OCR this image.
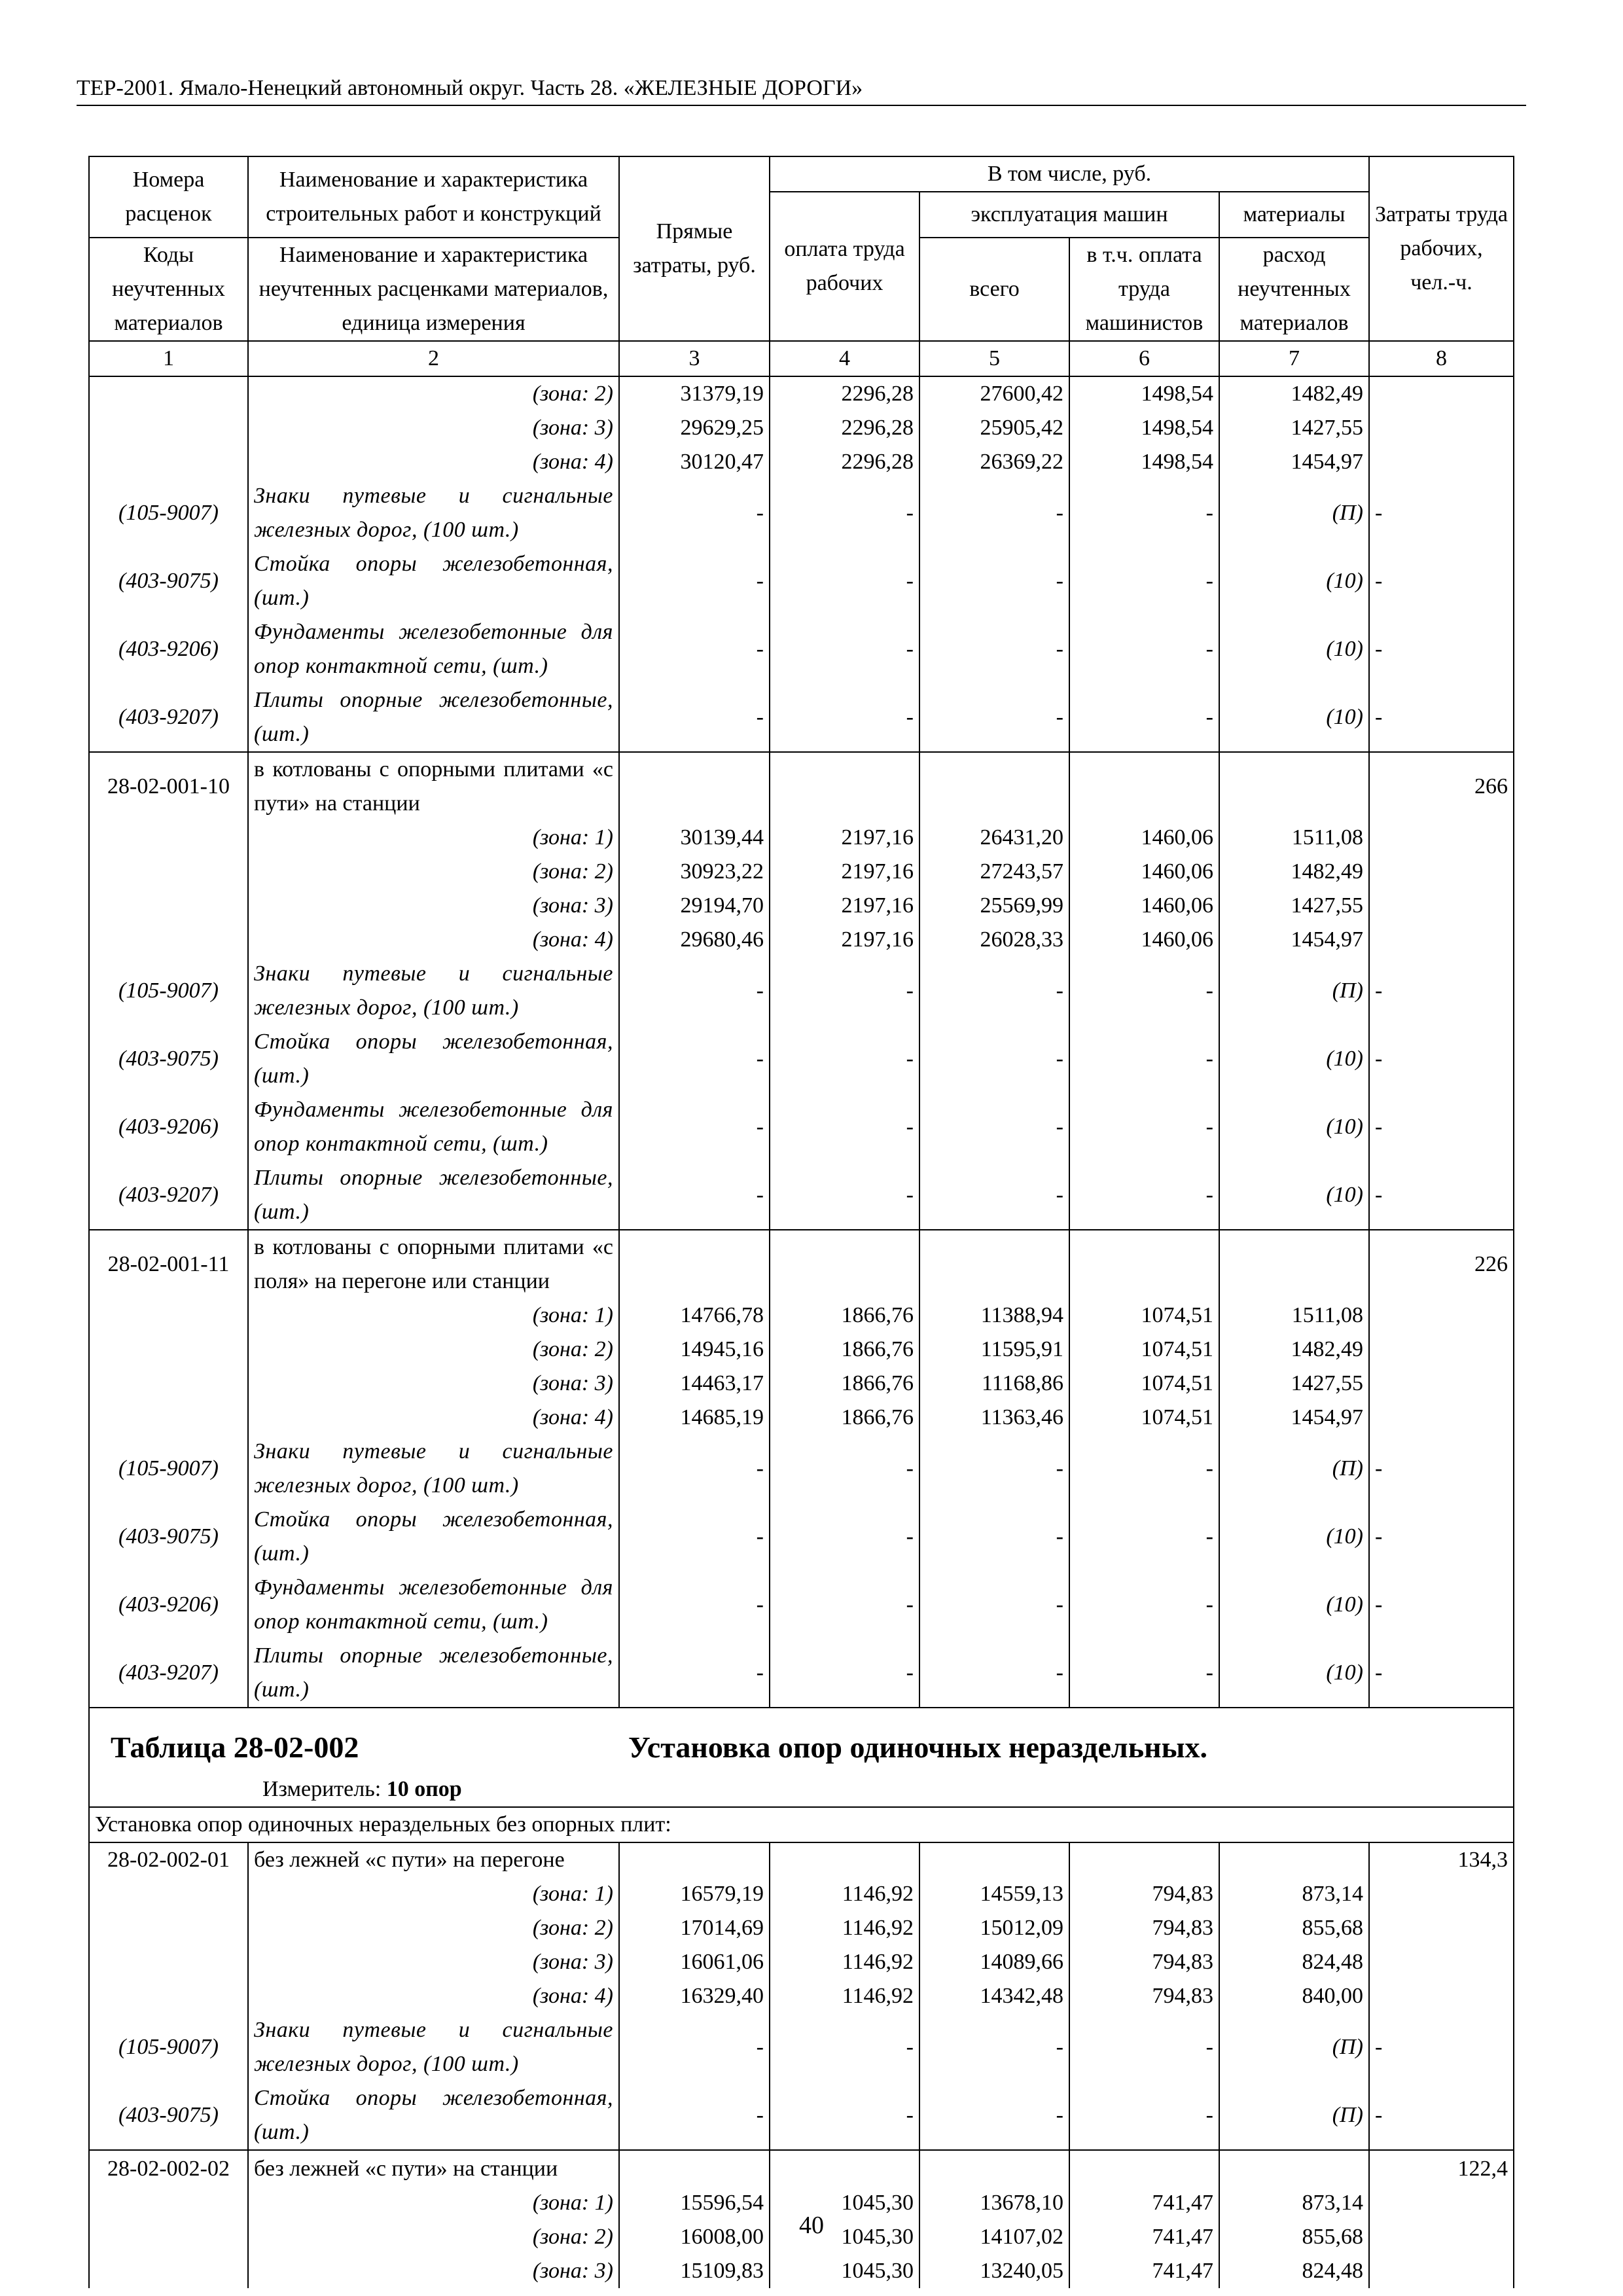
ТЕР-2001. Ямало-Ненецкий автономный округ. Часть 28. «ЖЕЛЕЗНЫЕ ДОРОГИ»
Номера расценок	Наименование и характеристика строительных работ и конструкций	Прямые затраты, руб.	В том числе, руб.				Затраты труда рабочих, чел.-ч.
			оплата труда рабочих	эксплуатация машин		материалы	
Коды неучтенных материалов	Наименование и характеристика неучтенных расценками материалов, единица измерения			всего	в т.ч. оплата труда машинистов	расход неучтенных материалов	
1	2	3	4	5	6	7	8
	(зона: 2)	31379,19	2296,28	27600,42	1498,54	1482,49	
	(зона: 3)	29629,25	2296,28	25905,42	1498,54	1427,55	
	(зона: 4)	30120,47	2296,28	26369,22	1498,54	1454,97	
(105-9007)	Знаки путевые и сигнальные железных дорог, (100 шт.)	-	-	-	-	(П)	-
(403-9075)	Стойка опоры железобетонная, (шт.)	-	-	-	-	(10)	-
(403-9206)	Фундаменты железобетонные для опор контактной сети, (шт.)	-	-	-	-	(10)	-
(403-9207)	Плиты опорные железобетонные, (шт.)	-	-	-	-	(10)	-
28-02-001-10	в котлованы с опорными плитами «с пути» на станции						266
	(зона: 1)	30139,44	2197,16	26431,20	1460,06	1511,08	
	(зона: 2)	30923,22	2197,16	27243,57	1460,06	1482,49	
	(зона: 3)	29194,70	2197,16	25569,99	1460,06	1427,55	
	(зона: 4)	29680,46	2197,16	26028,33	1460,06	1454,97	
(105-9007)	Знаки путевые и сигнальные железных дорог, (100 шт.)	-	-	-	-	(П)	-
(403-9075)	Стойка опоры железобетонная, (шт.)	-	-	-	-	(10)	-
(403-9206)	Фундаменты железобетонные для опор контактной сети, (шт.)	-	-	-	-	(10)	-
(403-9207)	Плиты опорные железобетонные, (шт.)	-	-	-	-	(10)	-
28-02-001-11	в котлованы с опорными плитами «с поля» на перегоне или станции						226
	(зона: 1)	14766,78	1866,76	11388,94	1074,51	1511,08	
	(зона: 2)	14945,16	1866,76	11595,91	1074,51	1482,49	
	(зона: 3)	14463,17	1866,76	11168,86	1074,51	1427,55	
	(зона: 4)	14685,19	1866,76	11363,46	1074,51	1454,97	
(105-9007)	Знаки путевые и сигнальные железных дорог, (100 шт.)	-	-	-	-	(П)	-
(403-9075)	Стойка опоры железобетонная, (шт.)	-	-	-	-	(10)	-
(403-9206)	Фундаменты железобетонные для опор контактной сети, (шт.)	-	-	-	-	(10)	-
(403-9207)	Плиты опорные железобетонные, (шт.)	-	-	-	-	(10)	-

Таблица 28-02-002 Установка опор одиночных нераздельных.
Измеритель: 10 опор							

Установка опор одиночных нераздельных без опорных плит:							
28-02-002-01	без лежней «с пути» на перегоне						134,3
	(зона: 1)	16579,19	1146,92	14559,13	794,83	873,14	
	(зона: 2)	17014,69	1146,92	15012,09	794,83	855,68	
	(зона: 3)	16061,06	1146,92	14089,66	794,83	824,48	
	(зона: 4)	16329,40	1146,92	14342,48	794,83	840,00	
(105-9007)	Знаки путевые и сигнальные железных дорог, (100 шт.)	-	-	-	-	(П)	-
(403-9075)	Стойка опоры железобетонная, (шт.)	-	-	-	-	(П)	-
28-02-002-02	без лежней «с пути» на станции						122,4
	(зона: 1)	15596,54	1045,30	13678,10	741,47	873,14	
	(зона: 2)	16008,00	1045,30	14107,02	741,47	855,68	
	(зона: 3)	15109,83	1045,30	13240,05	741,47	824,48	
40
